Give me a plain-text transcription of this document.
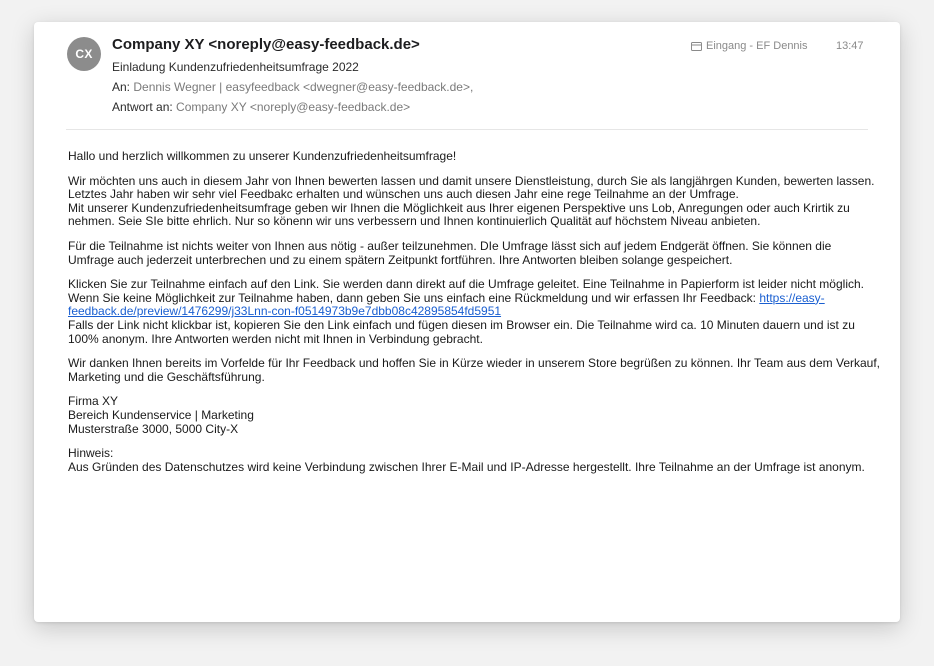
CX
Company XY <noreply@easy-feedback.de>
Einladung Kundenzufriedenheitsumfrage 2022
An: Dennis Wegner | easyfeedback <dwegner@easy-feedback.de>,
Antwort an: Company XY <noreply@easy-feedback.de>
Eingang - EF Dennis	13:47

Hallo und herzlich willkommen zu unserer Kundenzufriedenheitsumfrage!

Wir möchten uns auch in diesem Jahr von Ihnen bewerten lassen und damit unsere Dienstleistung, durch Sie als langjährgen Kunden, bewerten lassen. Letztes Jahr haben wir sehr viel Feedbakc erhalten und wünschen uns auch diesen Jahr eine rege Teilnahme an der Umfrage.
Mit unserer Kundenzufriedenheitsumfrage geben wir Ihnen die Möglichkeit aus Ihrer eigenen Perspektive uns Lob, Anregungen oder auch Krirtik zu nehmen. Seie SIe bitte ehrlich. Nur so könenn wir uns verbessern und Ihnen kontinuierlich Qualität auf höchstem Niveau anbieten.

Für die Teilnahme ist nichts weiter von Ihnen aus nötig - außer teilzunehmen. DIe Umfrage lässt sich auf jedem Endgerät öffnen. Sie können die Umfrage auch jederzeit unterbrechen und zu einem spätern Zeitpunkt fortführen. Ihre Antworten bleiben solange gespeichert.

Klicken Sie zur Teilnahme einfach auf den Link. Sie werden dann direkt auf die Umfrage geleitet. Eine Teilnahme in Papierform ist leider nicht möglich. Wenn Sie keine Möglichkeit zur Teilnahme haben, dann geben Sie uns einfach eine Rückmeldung und wir erfassen Ihr Feedback: https://easy-feedback.de/preview/1476299/j33Lnn-con-f0514973b9e7dbb08c42895854fd5951
Falls der Link nicht klickbar ist, kopieren Sie den Link einfach und fügen diesen im Browser ein. Die Teilnahme wird ca. 10 Minuten dauern und ist zu 100% anonym. Ihre Antworten werden nicht mit Ihnen in Verbindung gebracht.

Wir danken Ihnen bereits im Vorfelde für Ihr Feedback und hoffen Sie in Kürze wieder in unserem Store begrüßen zu können. Ihr Team aus dem Verkauf, Marketing und die Geschäftsführung.

Firma XY
Bereich Kundenservice | Marketing
Musterstraße 3000, 5000 City-X

Hinweis:
Aus Gründen des Datenschutzes wird keine Verbindung zwischen Ihrer E-Mail und IP-Adresse hergestellt. Ihre Teilnahme an der Umfrage ist anonym.
